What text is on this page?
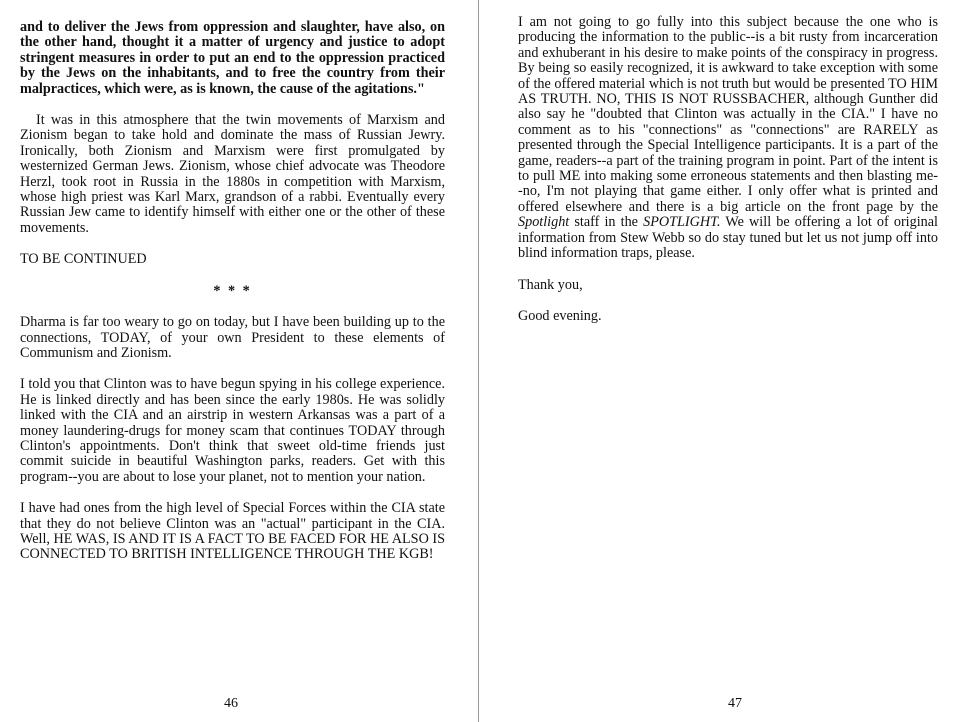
and to deliver the Jews from oppression and slaughter, have also, on the other hand, thought it a matter of urgency and justice to adopt stringent measures in order to put an end to the oppression practiced by the Jews on the inhabitants, and to free the country from their malpractices, which were, as is known, the cause of the agitations."

It was in this atmosphere that the twin movements of Marxism and Zionism began to take hold and dominate the mass of Russian Jewry. Ironically, both Zionism and Marxism were first promulgated by westernized German Jews. Zionism, whose chief advocate was Theodore Herzl, took root in Russia in the 1880s in competition with Marxism, whose high priest was Karl Marx, grandson of a rabbi. Eventually every Russian Jew came to identify himself with either one or the other of these movements.

TO BE CONTINUED

* * *

Dharma is far too weary to go on today, but I have been building up to the connections, TODAY, of your own President to these elements of Communism and Zionism.

I told you that Clinton was to have begun spying in his college experience. He is linked directly and has been since the early 1980s. He was solidly linked with the CIA and an airstrip in western Arkansas was a part of a money laundering-drugs for money scam that continues TODAY through Clinton's appointments. Don't think that sweet old-time friends just commit suicide in beautiful Washington parks, readers. Get with this program--you are about to lose your planet, not to mention your nation.

I have had ones from the high level of Special Forces within the CIA state that they do not believe Clinton was an "actual" participant in the CIA. Well, HE WAS, IS AND IT IS A FACT TO BE FACED FOR HE ALSO IS CONNECTED TO BRITISH INTELLIGENCE THROUGH THE KGB!

46

I am not going to go fully into this subject because the one who is producing the information to the public--is a bit rusty from incarceration and exhuberant in his desire to make points of the conspiracy in progress. By being so easily recognized, it is awkward to take exception with some of the offered material which is not truth but would be presented TO HIM AS TRUTH. NO, THIS IS NOT RUSSBACHER, although Gunther did also say he "doubted that Clinton was actually in the CIA." I have no comment as to his "connections" as "connections" are RARELY as presented through the Special Intelligence participants. It is a part of the game, readers--a part of the training program in point. Part of the intent is to pull ME into making some erroneous statements and then blasting me--no, I'm not playing that game either. I only offer what is printed and offered elsewhere and there is a big article on the front page by the Spotlight staff in the SPOTLIGHT. We will be offering a lot of original information from Stew Webb so do stay tuned but let us not jump off into blind information traps, please.

Thank you,

Good evening.

47
